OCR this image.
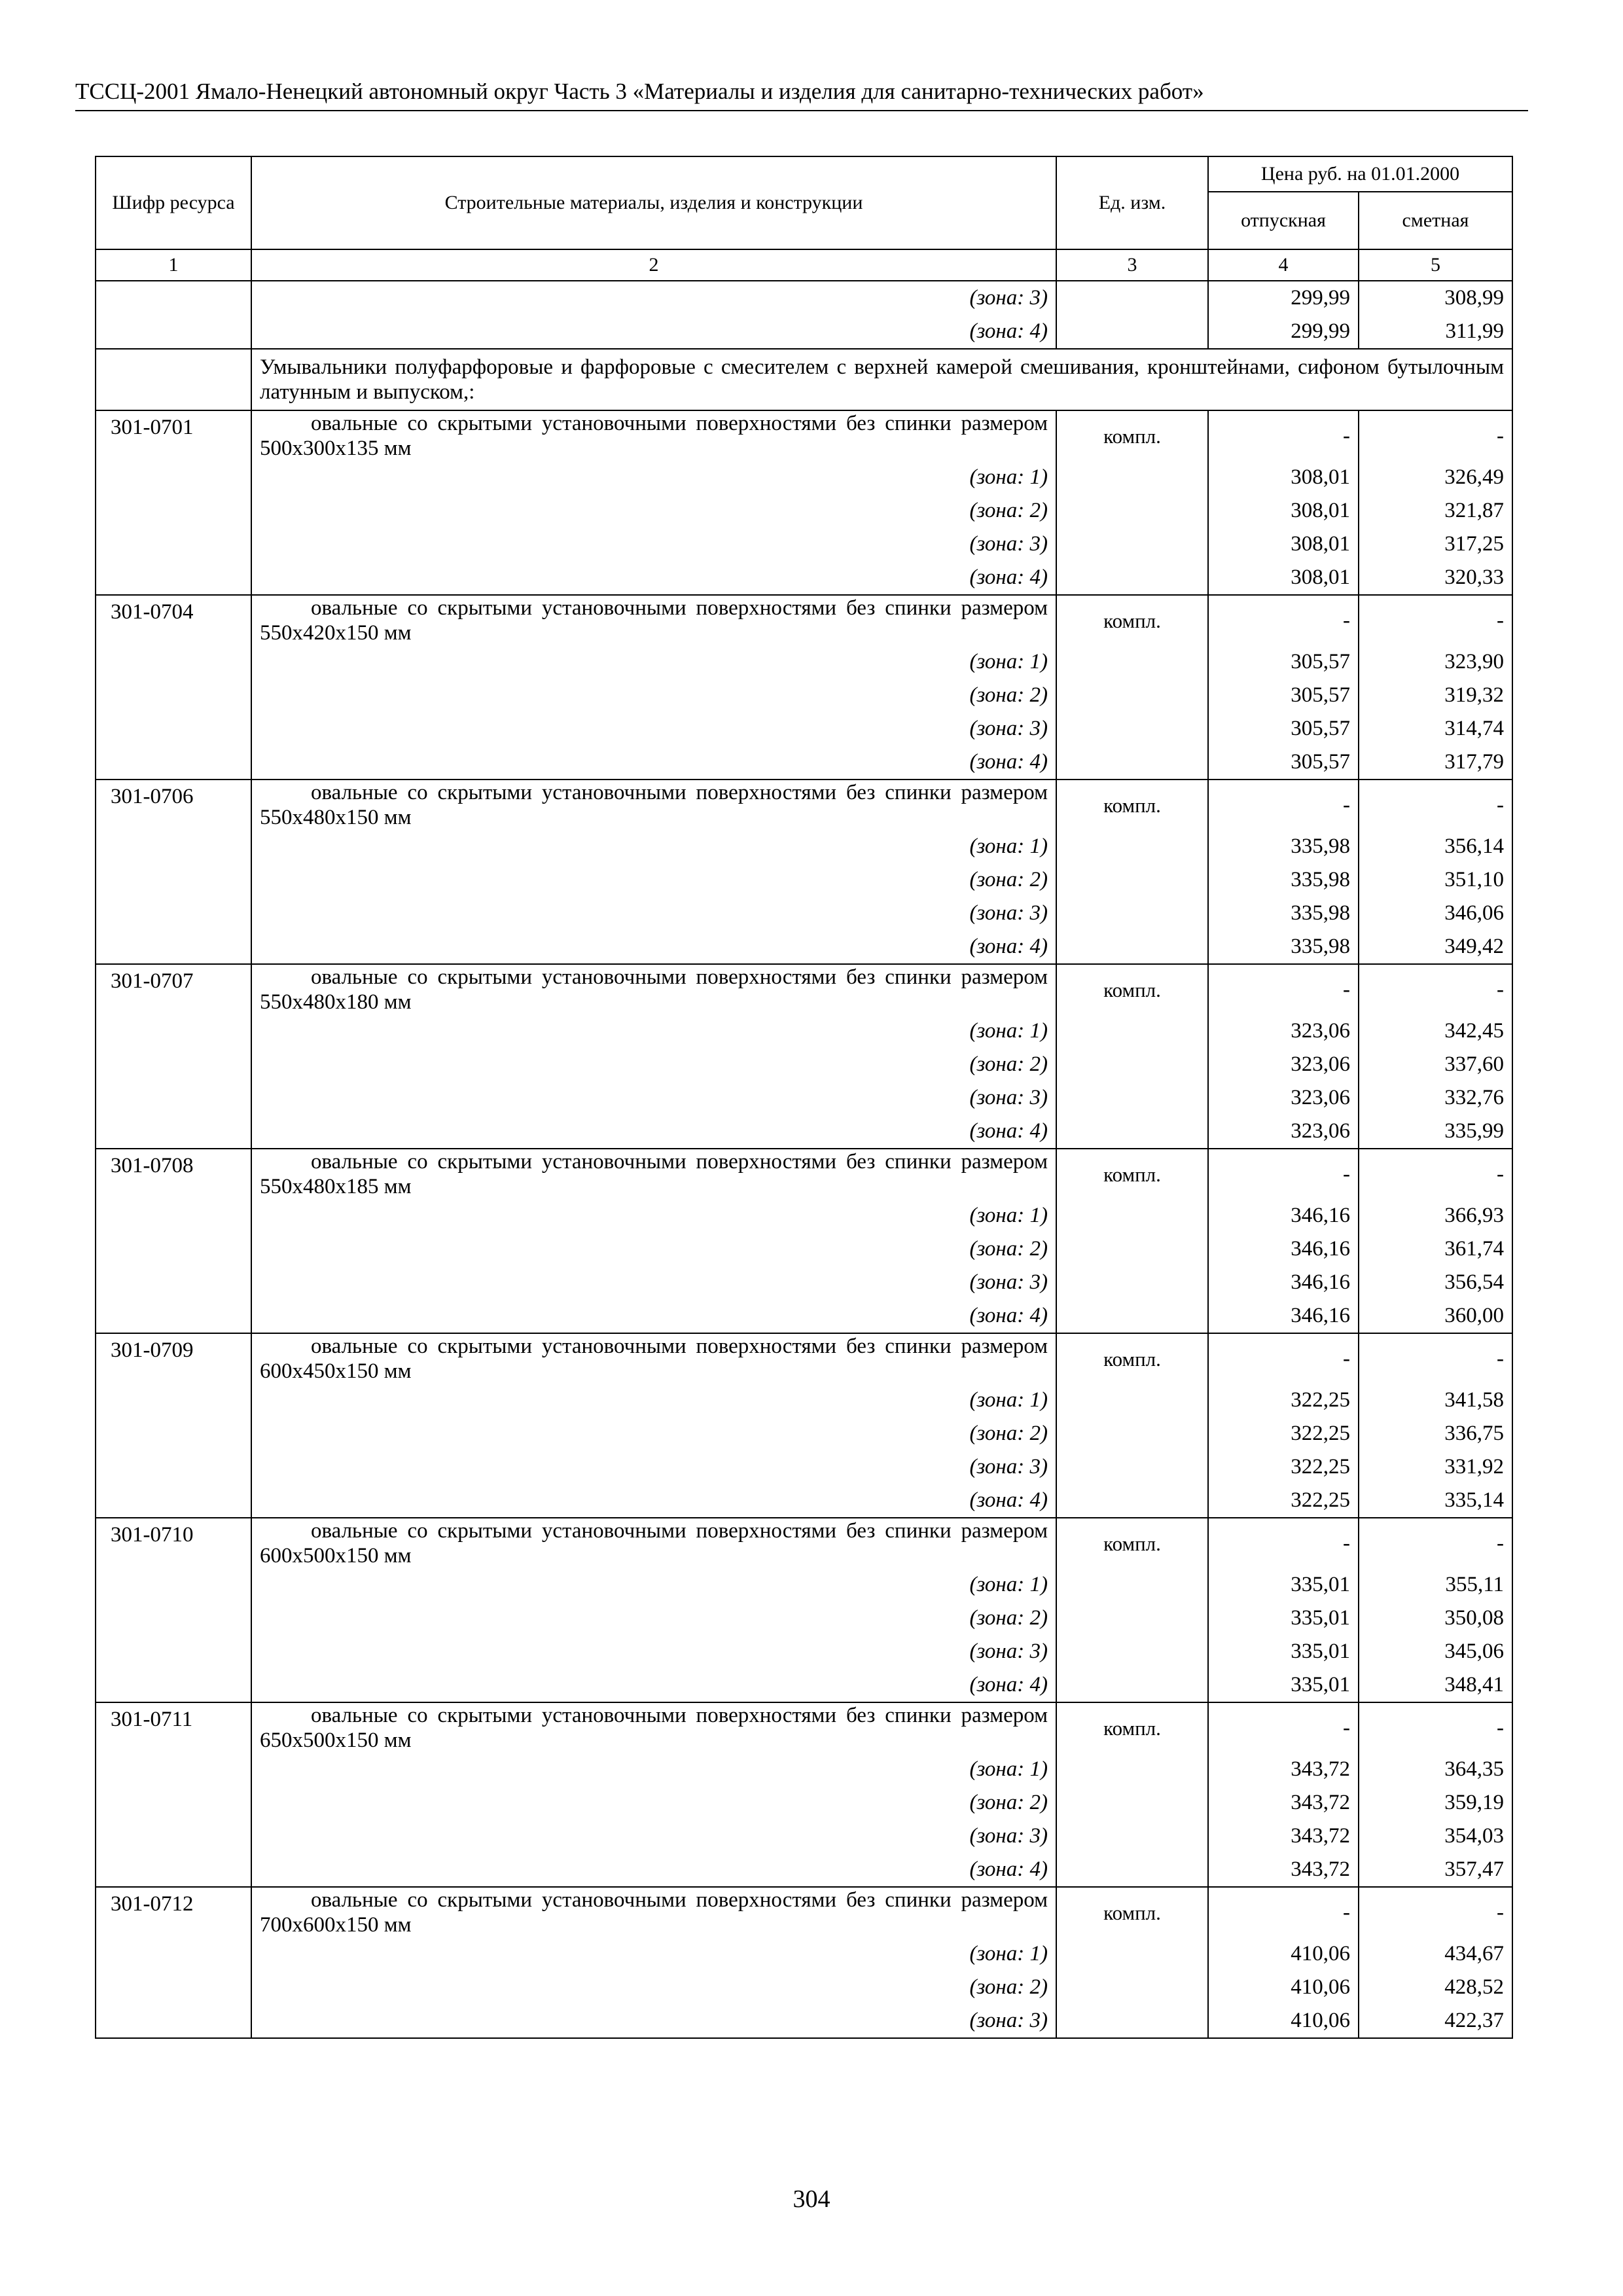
ТССЦ-2001 Ямало-Ненецкий автономный округ Часть 3 «Материалы и изделия для санитарно-технических работ»
Шифр ресурса	Строительные материалы, изделия и конструкции	Ед. изм.	Цена руб. на 01.01.2000	
			отпускная	сметная
1	2	3	4	5
	(зона: 3)		299,99	308,99
	(зона: 4)		299,99	311,99
	Умывальники полуфарфоровые и фарфоровые с смесителем с верхней камерой смешивания, кронштейнами, сифоном бутылочным латунным и выпуском,:			
301-0701	овальные со скрытыми установочными поверхностями без спинки размером 500х300х135 мм	компл.	-	-
	(зона: 1)		308,01	326,49
	(зона: 2)		308,01	321,87
	(зона: 3)		308,01	317,25
	(зона: 4)		308,01	320,33
301-0704	овальные со скрытыми установочными поверхностями без спинки размером 550х420х150 мм	компл.	-	-
	(зона: 1)		305,57	323,90
	(зона: 2)		305,57	319,32
	(зона: 3)		305,57	314,74
	(зона: 4)		305,57	317,79
301-0706	овальные со скрытыми установочными поверхностями без спинки размером 550х480х150 мм	компл.	-	-
	(зона: 1)		335,98	356,14
	(зона: 2)		335,98	351,10
	(зона: 3)		335,98	346,06
	(зона: 4)		335,98	349,42
301-0707	овальные со скрытыми установочными поверхностями без спинки размером 550х480х180 мм	компл.	-	-
	(зона: 1)		323,06	342,45
	(зона: 2)		323,06	337,60
	(зона: 3)		323,06	332,76
	(зона: 4)		323,06	335,99
301-0708	овальные со скрытыми установочными поверхностями без спинки размером 550х480х185 мм	компл.	-	-
	(зона: 1)		346,16	366,93
	(зона: 2)		346,16	361,74
	(зона: 3)		346,16	356,54
	(зона: 4)		346,16	360,00
301-0709	овальные со скрытыми установочными поверхностями без спинки размером 600х450х150 мм	компл.	-	-
	(зона: 1)		322,25	341,58
	(зона: 2)		322,25	336,75
	(зона: 3)		322,25	331,92
	(зона: 4)		322,25	335,14
301-0710	овальные со скрытыми установочными поверхностями без спинки размером 600х500х150 мм	компл.	-	-
	(зона: 1)		335,01	355,11
	(зона: 2)		335,01	350,08
	(зона: 3)		335,01	345,06
	(зона: 4)		335,01	348,41
301-0711	овальные со скрытыми установочными поверхностями без спинки размером 650х500х150 мм	компл.	-	-
	(зона: 1)		343,72	364,35
	(зона: 2)		343,72	359,19
	(зона: 3)		343,72	354,03
	(зона: 4)		343,72	357,47
301-0712	овальные со скрытыми установочными поверхностями без спинки размером 700х600х150 мм	компл.	-	-
	(зона: 1)		410,06	434,67
	(зона: 2)		410,06	428,52
	(зона: 3)		410,06	422,37
304
